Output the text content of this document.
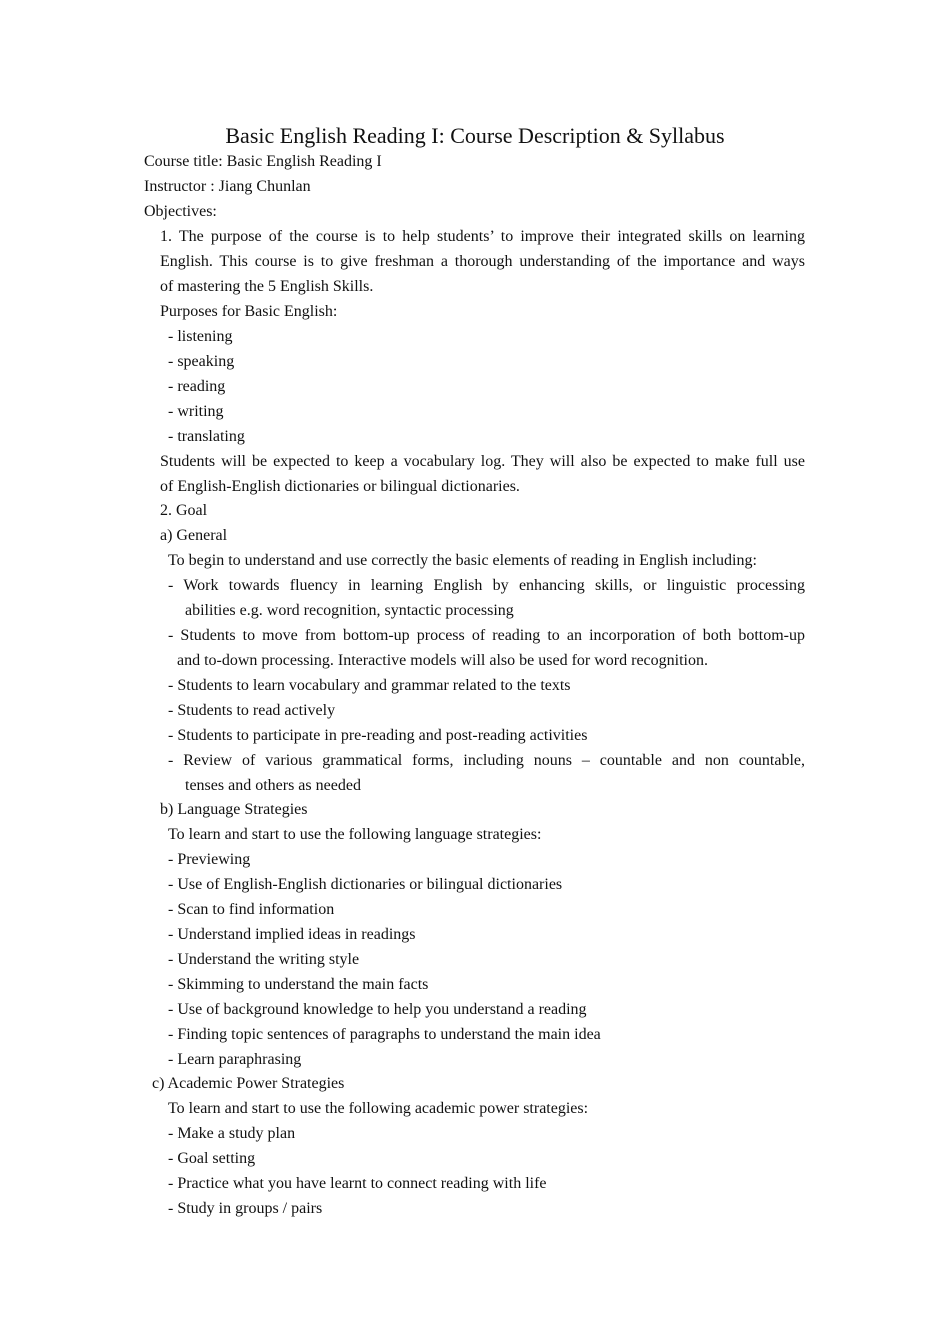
Basic English Reading I: Course Description & Syllabus
Course title: Basic English Reading I
Instructor : Jiang Chunlan
Objectives:
1. The purpose of the course is to help students’ to improve their integrated skills on learning
English. This course is to give freshman a thorough understanding of the importance and ways
of mastering the 5 English Skills.
Purposes for Basic English:
- listening
- speaking
- reading
- writing
- translating
Students will be expected to keep a vocabulary log. They will also be expected to make full use
of English-English dictionaries or bilingual dictionaries.
2. Goal
a) General
To begin to understand and use correctly the basic elements of reading in English including:
- Work towards fluency in learning English by enhancing skills, or linguistic processing
abilities e.g. word recognition, syntactic processing
- Students to move from bottom-up process of reading to an incorporation of both bottom-up
and to-down processing. Interactive models will also be used for word recognition.
- Students to learn vocabulary and grammar related to the texts
- Students to read actively
- Students to participate in pre-reading and post-reading activities
- Review of various grammatical forms, including nouns – countable and non countable,
tenses and others as needed
b) Language Strategies
To learn and start to use the following language strategies:
- Previewing
- Use of English-English dictionaries or bilingual dictionaries
- Scan to find information
- Understand implied ideas in readings
- Understand the writing style
- Skimming to understand the main facts
- Use of background knowledge to help you understand a reading
- Finding topic sentences of paragraphs to understand the main idea
- Learn paraphrasing
c) Academic Power Strategies
To learn and start to use the following academic power strategies:
- Make a study plan
- Goal setting
- Practice what you have learnt to connect reading with life
- Study in groups / pairs
